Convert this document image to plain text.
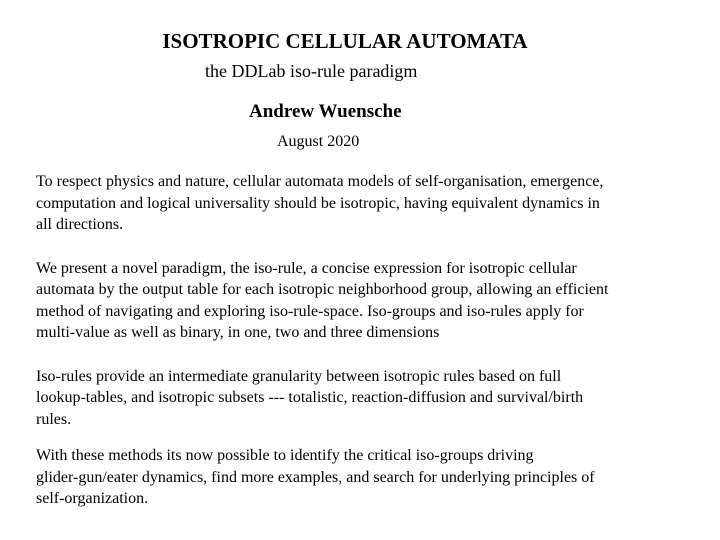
ISOTROPIC CELLULAR AUTOMATA
the DDLab iso-rule paradigm
Andrew Wuensche
August 2020

To respect physics and nature, cellular automata models of self-organisation, emergence,
computation and logical universality should be isotropic, having equivalent dynamics in
all directions.

We present a novel paradigm, the iso-rule, a concise expression for isotropic cellular
automata by the output table for each isotropic neighborhood group, allowing an efficient
method of navigating and exploring iso-rule-space. Iso-groups and iso-rules apply for
multi-value as well as binary, in one, two and three dimensions

Iso-rules provide an intermediate granularity between isotropic rules based on full
lookup-tables, and isotropic subsets --- totalistic, reaction-diffusion and survival/birth
rules.

With these methods its now possible to identify the critical iso-groups driving
glider-gun/eater dynamics, find more examples, and search for underlying principles of
self-organization.
